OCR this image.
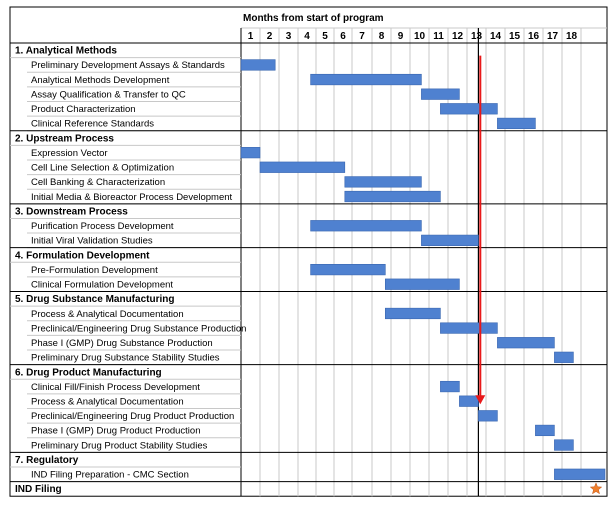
Months from start of program
1 2 3 4 5 6 7 8 9 10 11 12 13 14 15 16 17 18
1. Analytical Methods
Preliminary Development Assays & Standards
Analytical Methods Development
Assay Qualification & Transfer to QC
Product Characterization
Clinical Reference Standards
2. Upstream Process
Expression Vector
Cell Line Selection & Optimization
Cell Banking & Characterization
Initial Media & Bioreactor Process Development
3. Downstream Process
Purification Process Development
Initial Viral Validation Studies
4. Formulation Development
Pre-Formulation Development
Clinical Formulation Development
5. Drug Substance Manufacturing
Process & Analytical Documentation
Preclinical/Engineering Drug Substance Production
Phase I (GMP) Drug Substance Production
Preliminary Drug Substance Stability Studies
6. Drug Product Manufacturing
Clinical Fill/Finish Process Development
Process & Analytical Documentation
Preclinical/Engineering Drug Product Production
Phase I (GMP) Drug Product Production
Preliminary Drug Product Stability Studies
7. Regulatory
IND Filing Preparation - CMC Section
IND Filing
